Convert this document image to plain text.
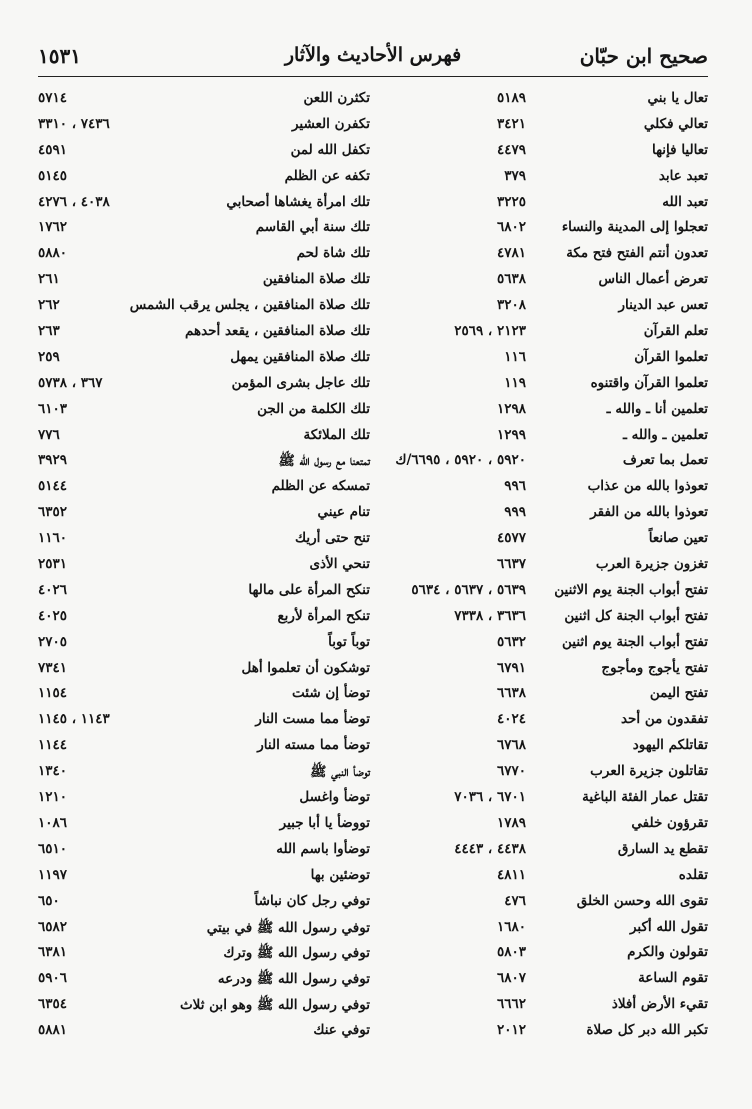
صحيح ابن حبّان
فهرس الأحاديث والآثار
١٥٣١
تعال يا بني
٥١٨٩
تعالي فكلي
٣٤٢١
تعاليا فإنها
٤٤٧٩
تعبد عابد
٣٧٩
تعبد الله
٣٢٢٥
تعجلوا إلى المدينة والنساء
٦٨٠٢
تعدون أنتم الفتح فتح مكة
٤٧٨١
تعرض أعمال الناس
٥٦٣٨
تعس عبد الدينار
٣٢٠٨
تعلم القرآن
٢١٢٣ ، ٢٥٦٩
تعلموا القرآن
١١٦
تعلموا القرآن واقتنوه
١١٩
تعلمين أنا ـ والله ـ
١٢٩٨
تعلمين ـ والله ـ
١٢٩٩
تعمل بما تعرف
٥٩٢٠ ، ٥٩٢٠ ، ٦٦٩٥/ك
تعوذوا بالله من عذاب
٩٩٦
تعوذوا بالله من الفقر
٩٩٩
تعين صانعاً
٤٥٧٧
تغزون جزيرة العرب
٦٦٣٧
تفتح أبواب الجنة يوم الاثنين
٥٦٣٩ ، ٥٦٣٧ ، ٥٦٣٤
تفتح أبواب الجنة كل اثنين
٣٦٣٦ ، ٧٣٣٨
تفتح أبواب الجنة يوم اثنين
٥٦٣٢
تفتح يأجوج ومأجوج
٦٧٩١
تفتح اليمن
٦٦٣٨
تفقدون من أحد
٤٠٢٤
تقاتلكم اليهود
٦٧٦٨
تقاتلون جزيرة العرب
٦٧٧٠
تقتل عمار الفئة الباغية
٦٧٠١ ، ٧٠٣٦
تقرؤون خلفي
١٧٨٩
تقطع يد السارق
٤٤٣٨ ، ٤٤٤٣
تقلده
٤٨١١
تقوى الله وحسن الخلق
٤٧٦
تقول الله أكبر
١٦٨٠
تقولون والكرم
٥٨٠٣
تقوم الساعة
٦٨٠٧
تقيء الأرض أفلاذ
٦٦٦٢
تكبر الله دبر كل صلاة
٢٠١٢
تكثرن اللعن
٥٧١٤
تكفرن العشير
٧٤٣٦ ، ٣٣١٠
تكفل الله لمن
٤٥٩١
تكفه عن الظلم
٥١٤٥
تلك امرأة يغشاها أصحابي
٤٠٣٨ ، ٤٢٧٦
تلك سنة أبي القاسم
١٧٦٢
تلك شاة لحم
٥٨٨٠
تلك صلاة المنافقين
٢٦١
تلك صلاة المنافقين ، يجلس يرقب الشمس
٢٦٢
تلك صلاة المنافقين ، يقعد أحدهم
٢٦٣
تلك صلاة المنافقين يمهل
٢٥٩
تلك عاجل بشرى المؤمن
٣٦٧ ، ٥٧٣٨
تلك الكلمة من الجن
٦١٠٣
تلك الملائكة
٧٧٦
تمتعنا مع رسول الله ﷺ
٣٩٢٩
تمسكه عن الظلم
٥١٤٤
تنام عيني
٦٣٥٢
تنح حتى أريك
١١٦٠
تنحي الأذى
٢٥٣١
تنكح المرأة على مالها
٤٠٢٦
تنكح المرأة لأربع
٤٠٢٥
توباً توباً
٢٧٠٥
توشكون أن تعلموا أهل
٧٣٤١
توضأ إن شئت
١١٥٤
توضأ مما مست النار
١١٤٣ ، ١١٤٥
توضأ مما مسته النار
١١٤٤
توضأ النبي ﷺ
١٣٤٠
توضأ واغسل
١٢١٠
تووضأ يا أبا جبير
١٠٨٦
توضأوا باسم الله
٦٥١٠
توضئين بها
١١٩٧
توفي رجل كان نباشاً
٦٥٠
توفي رسول الله ﷺ في بيتي
٦٥٨٢
توفي رسول الله ﷺ وترك
٦٣٨١
توفي رسول الله ﷺ ودرعه
٥٩٠٦
توفي رسول الله ﷺ وهو ابن ثلاث
٦٣٥٤
توفي عنك
٥٨٨١
